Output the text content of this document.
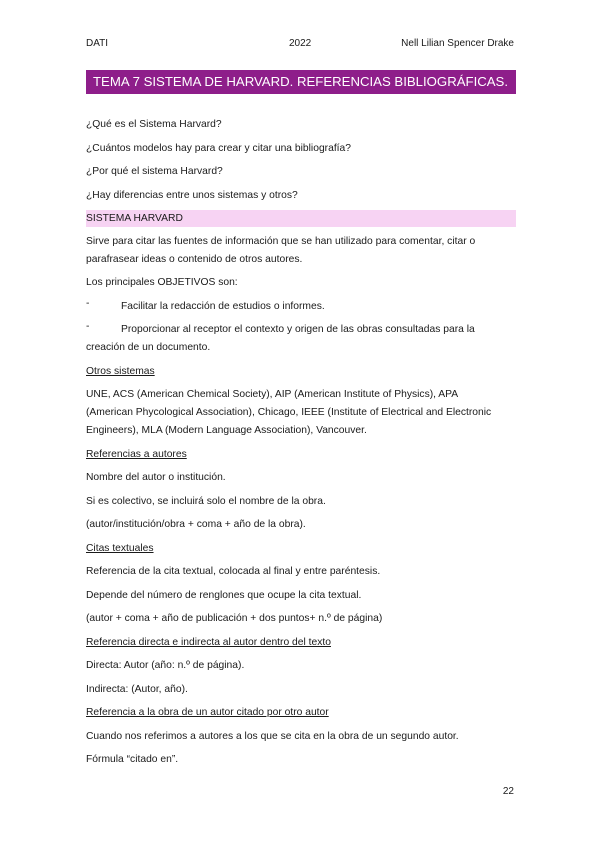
DATI	2022	Nell Lilian Spencer Drake
TEMA 7 SISTEMA DE HARVARD. REFERENCIAS BIBLIOGRÁFICAS.

¿Qué es el Sistema Harvard?

¿Cuántos modelos hay para crear y citar una bibliografía?

¿Por qué el sistema Harvard?

¿Hay diferencias entre unos sistemas y otros?

SISTEMA HARVARD

Sirve para citar las fuentes de información que se han utilizado para comentar, citar o

parafrasear ideas o contenido de otros autores.

Los principales OBJETIVOS son:

-	Facilitar la redacción de estudios o informes.

-	Proporcionar al receptor el contexto y origen de las obras consultadas para la

creación de un documento.

Otros sistemas

UNE, ACS (American Chemical Society), AIP (American Institute of Physics), APA

(American Phycological Association), Chicago, IEEE (Institute of Electrical and Electronic

Engineers), MLA (Modern Language Association), Vancouver.

Referencias a autores

Nombre del autor o institución.

Si es colectivo, se incluirá solo el nombre de la obra.

(autor/institución/obra + coma + año de la obra).

Citas textuales

Referencia de la cita textual, colocada al final y entre paréntesis.

Depende del número de renglones que ocupe la cita textual.

(autor + coma + año de publicación + dos puntos+ n.º de página)

Referencia directa e indirecta al autor dentro del texto

Directa: Autor (año: n.º de página).

Indirecta: (Autor, año).

Referencia a la obra de un autor citado por otro autor

Cuando nos referimos a autores a los que se cita en la obra de un segundo autor.

Fórmula “citado en”.

22
